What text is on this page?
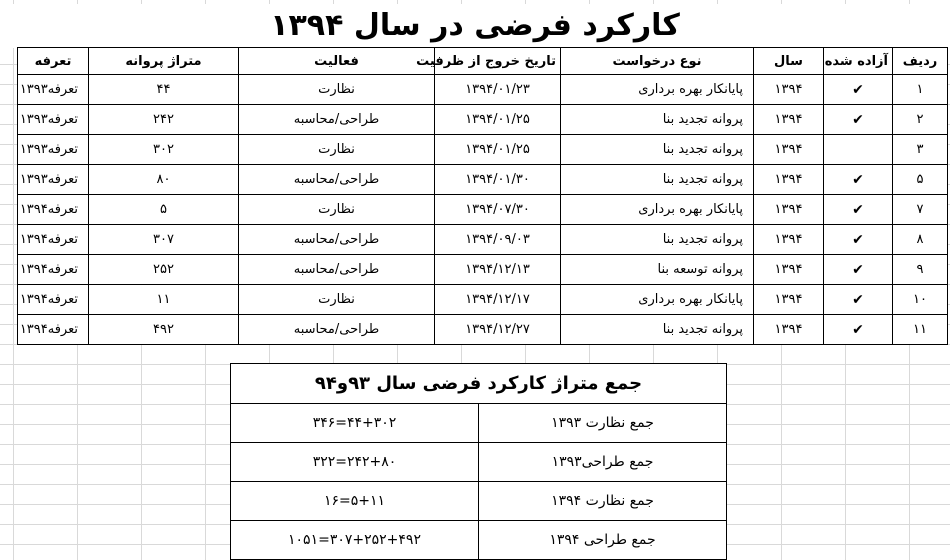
کارکرد فرضی در سال ۱۳۹۴
ردیف	آزاده شده	سال	نوع درخواست	تاریخ خروج از ظرفیت	فعالیت	متراژ پروانه	تعرفه
۱	✔	۱۳۹۴	پایانکار بهره برداری	۱۳۹۴/۰۱/۲۳	نظارت	۴۴	تعرفه۱۳۹۳
۲	✔	۱۳۹۴	پروانه تجدید بنا	۱۳۹۴/۰۱/۲۵	طراحی/محاسبه	۲۴۲	تعرفه۱۳۹۳
۳		۱۳۹۴	پروانه تجدید بنا	۱۳۹۴/۰۱/۲۵	نظارت	۳۰۲	تعرفه۱۳۹۳
۵	✔	۱۳۹۴	پروانه تجدید بنا	۱۳۹۴/۰۱/۳۰	طراحی/محاسبه	۸۰	تعرفه۱۳۹۳
۷	✔	۱۳۹۴	پایانکار بهره برداری	۱۳۹۴/۰۷/۳۰	نظارت	۵	تعرفه۱۳۹۴
۸	✔	۱۳۹۴	پروانه تجدید بنا	۱۳۹۴/۰۹/۰۳	طراحی/محاسبه	۳۰۷	تعرفه۱۳۹۴
۹	✔	۱۳۹۴	پروانه توسعه بنا	۱۳۹۴/۱۲/۱۳	طراحی/محاسبه	۲۵۲	تعرفه۱۳۹۴
۱۰	✔	۱۳۹۴	پایانکار بهره برداری	۱۳۹۴/۱۲/۱۷	نظارت	۱۱	تعرفه۱۳۹۴
۱۱	✔	۱۳۹۴	پروانه تجدید بنا	۱۳۹۴/۱۲/۲۷	طراحی/محاسبه	۴۹۲	تعرفه۱۳۹۴
جمع متراژ کارکرد فرضی سال ۹۳و۹۴	
جمع نظارت ۱۳۹۳	۴۴+۳۰۲=۳۴۶
جمع طراحی۱۳۹۳	۲۴۲+۸۰=۳۲۲
جمع نظارت ۱۳۹۴	۵+۱۱=۱۶
جمع طراحی ۱۳۹۴	۳۰۷+۲۵۲+۴۹۲=۱۰۵۱
